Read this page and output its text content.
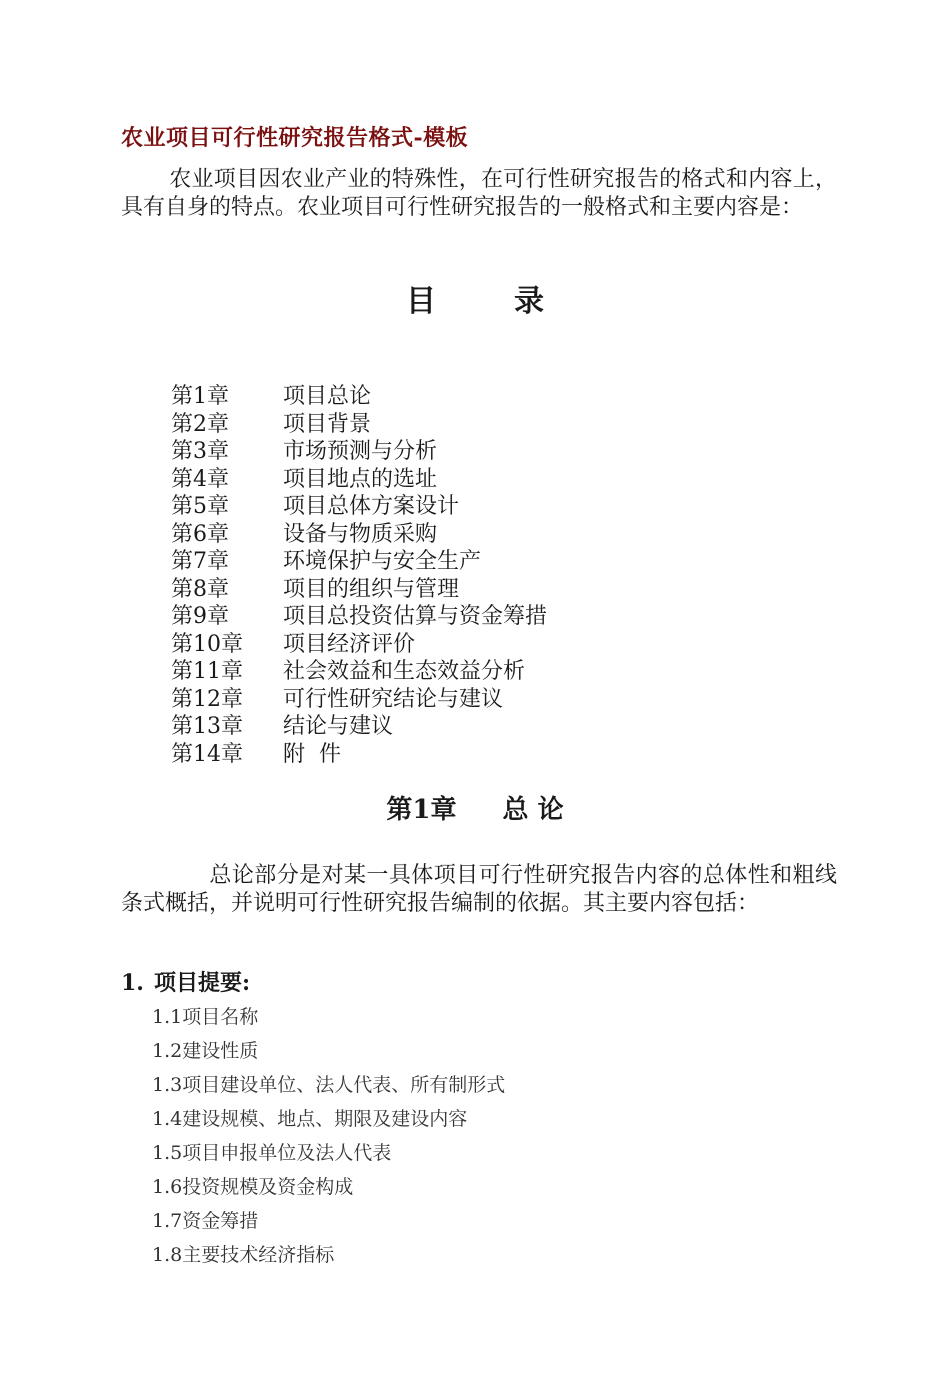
农业项目可行性研究报告格式-模板
农业项目因农业产业的特殊性，在可行性研究报告的格式和内容上，具有自身的特点。农业项目可行性研究报告的一般格式和主要内容是：
目	录
第1章 项目总论
第2章 项目背景
第3章 市场预测与分析
第4章 项目地点的选址
第5章 项目总体方案设计
第6章 设备与物质采购
第7章 环境保护与安全生产
第8章 项目的组织与管理
第9章 项目总投资估算与资金筹措
第10章 项目经济评价
第11章 社会效益和生态效益分析
第12章 可行性研究结论与建议
第13章 结论与建议
第14章 附  件
第1章 总 论
总论部分是对某一具体项目可行性研究报告内容的总体性和粗线条式概括，并说明可行性研究报告编制的依据。其主要内容包括：
1. 项目提要:
1.1项目名称
1.2建设性质
1.3项目建设单位、法人代表、所有制形式
1.4建设规模、地点、期限及建设内容
1.5项目申报单位及法人代表
1.6投资规模及资金构成
1.7资金筹措
1.8主要技术经济指标
